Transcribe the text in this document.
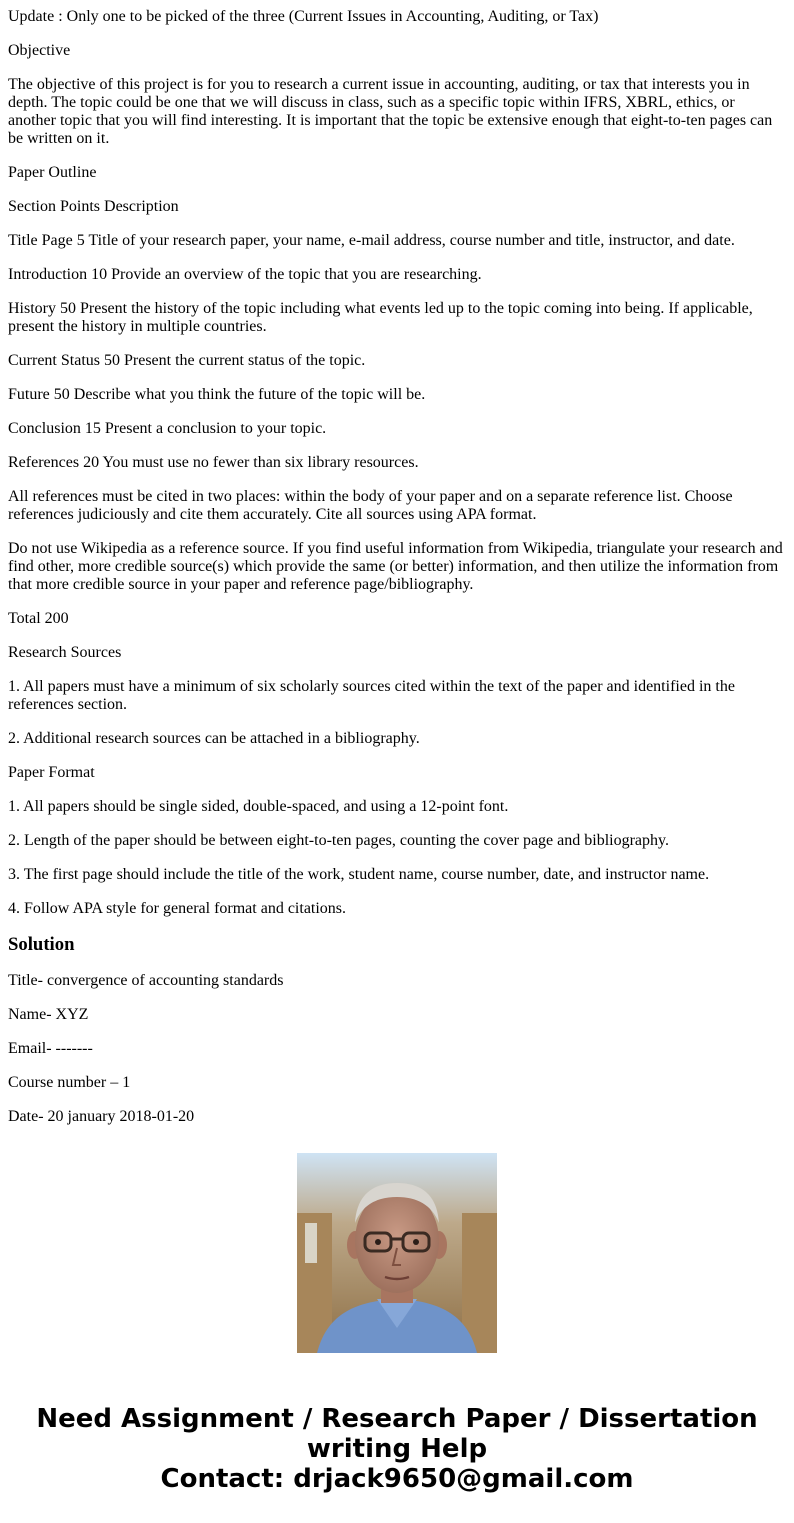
Update : Only one to be picked of the three (Current Issues in Accounting, Auditing, or Tax)

Objective

The objective of this project is for you to research a current issue in accounting, auditing, or tax that interests you in depth. The topic could be one that we will discuss in class, such as a specific topic within IFRS, XBRL, ethics, or another topic that you will find interesting. It is important that the topic be extensive enough that eight-to-ten pages can be written on it.

Paper Outline

Section Points Description

Title Page 5 Title of your research paper, your name, e-mail address, course number and title, instructor, and date.

Introduction 10 Provide an overview of the topic that you are researching.

History 50 Present the history of the topic including what events led up to the topic coming into being. If applicable, present the history in multiple countries.

Current Status 50 Present the current status of the topic.

Future 50 Describe what you think the future of the topic will be.

Conclusion 15 Present a conclusion to your topic.

References 20 You must use no fewer than six library resources.

All references must be cited in two places: within the body of your paper and on a separate reference list. Choose references judiciously and cite them accurately. Cite all sources using APA format.

Do not use Wikipedia as a reference source. If you find useful information from Wikipedia, triangulate your research and find other, more credible source(s) which provide the same (or better) information, and then utilize the information from that more credible source in your paper and reference page/bibliography.

Total 200

Research Sources

1. All papers must have a minimum of six scholarly sources cited within the text of the paper and identified in the references section.

2. Additional research sources can be attached in a bibliography.

Paper Format

1. All papers should be single sided, double-spaced, and using a 12-point font.

2. Length of the paper should be between eight-to-ten pages, counting the cover page and bibliography.

3. The first page should include the title of the work, student name, course number, date, and instructor name.

4. Follow APA style for general format and citations.

Solution

Title- convergence of accounting standards

Name- XYZ

Email- -------

Course number – 1

Date- 20 january 2018-01-20

Need Assignment / Research Paper / Dissertation
writing Help
Contact: drjack9650@gmail.com
